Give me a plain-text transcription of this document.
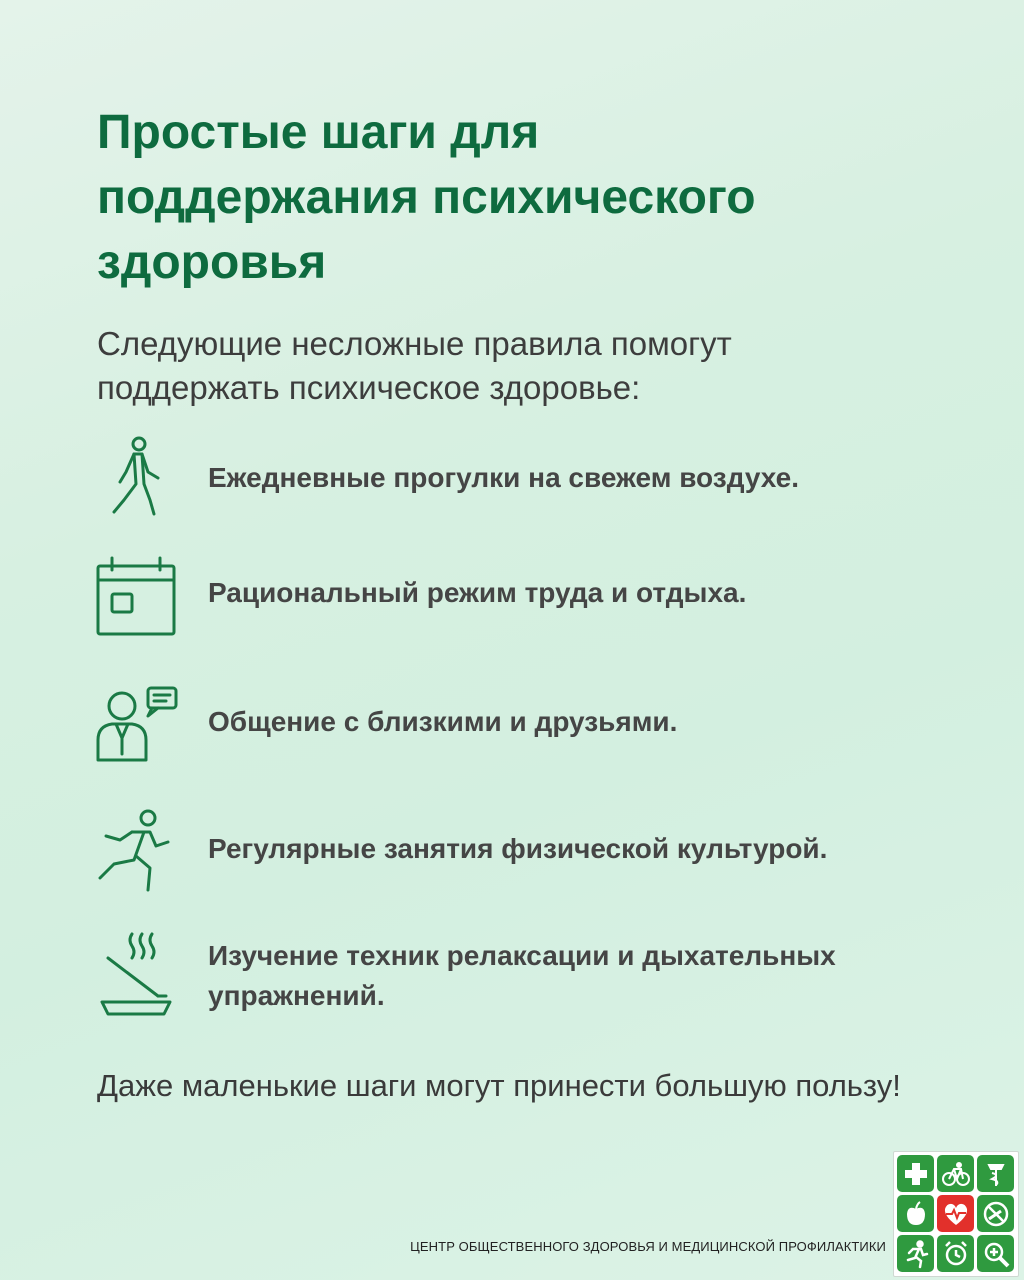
Простые шаги для
поддержания психического
здоровья

Следующие несложные правила помогут
поддержать психическое здоровье:

Ежедневные прогулки на свежем воздухе.
Рациональный режим труда и отдыха.
Общение с близкими и друзьями.
Регулярные занятия физической культурой.
Изучение техник релаксации и дыхательных
упражнений.
Даже маленькие шаги могут принести большую пользу!
ЦЕНТР ОБЩЕСТВЕННОГО ЗДОРОВЬЯ И МЕДИЦИНСКОЙ ПРОФИЛАКТИКИ
